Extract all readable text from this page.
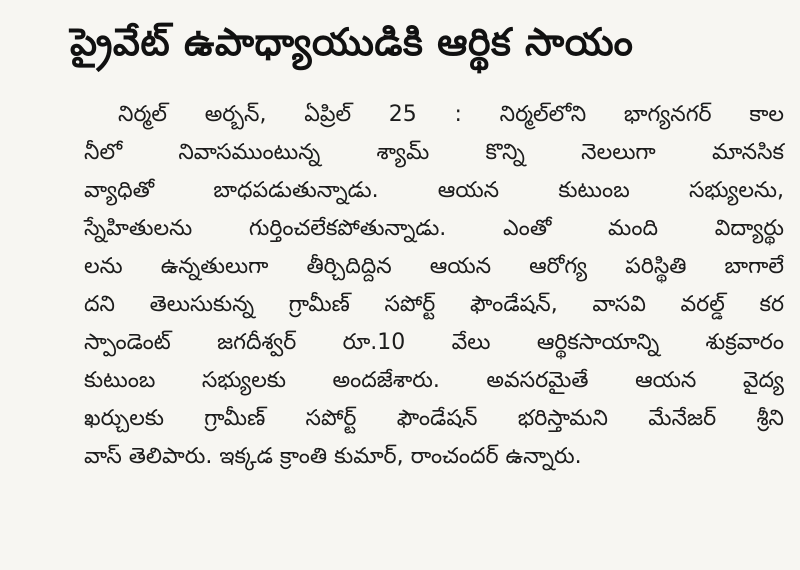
ప్రైవేట్ ఉపాధ్యాయుడికి ఆర్థిక సాయం
నిర్మల్ అర్బన్, ఏప్రిల్ 25 : నిర్మల్‌లోని భాగ్యనగర్ కాల
నీలో నివాసముంటున్న శ్యామ్ కొన్ని నెలలుగా మానసిక
వ్యాధితో బాధపడుతున్నాడు. ఆయన కుటుంబ సభ్యులను,
స్నేహితులను గుర్తించలేకపోతున్నాడు. ఎంతో మంది విద్యార్థు
లను ఉన్నతులుగా తీర్చిదిద్దిన ఆయన ఆరోగ్య పరిస్థితి బాగాలే
దని తెలుసుకున్న గ్రామీణ్ సపోర్ట్ ఫౌండేషన్, వాసవి వరల్డ్ కర
స్పాండెంట్ జగదీశ్వర్ రూ.10 వేలు ఆర్థికసాయాన్ని శుక్రవారం
కుటుంబ సభ్యులకు అందజేశారు. అవసరమైతే ఆయన వైద్య
ఖర్చులకు గ్రామీణ్ సపోర్ట్ ఫౌండేషన్ భరిస్తామని మేనేజర్ శ్రీని
వాస్ తెలిపారు. ఇక్కడ క్రాంతి కుమార్, రాంచందర్ ఉన్నారు.
